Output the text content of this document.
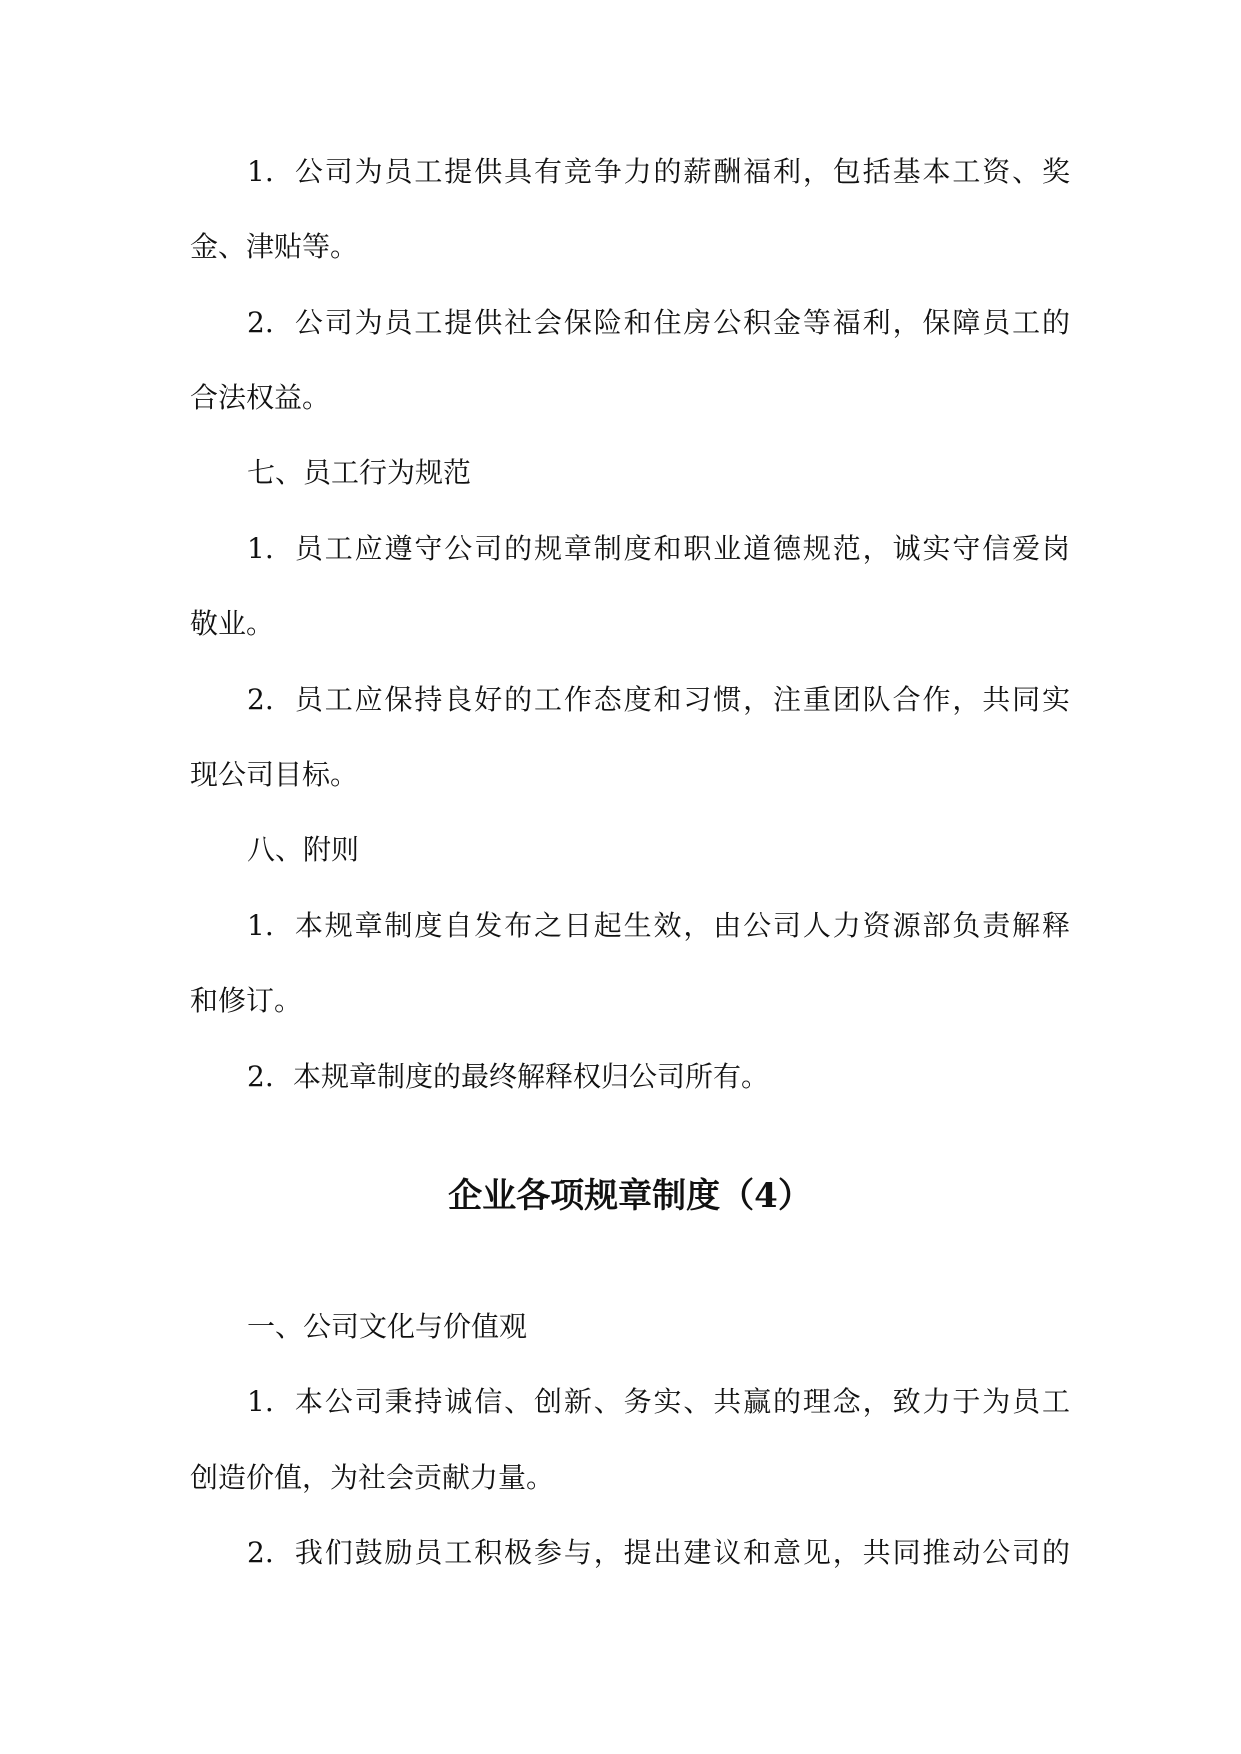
1. 公司为员工提供具有竞争力的薪酬福利，包括基本工资、奖
金、津贴等。
2. 公司为员工提供社会保险和住房公积金等福利，保障员工的
合法权益。
七、员工行为规范
1. 员工应遵守公司的规章制度和职业道德规范，诚实守信爱岗
敬业。
2. 员工应保持良好的工作态度和习惯，注重团队合作，共同实
现公司目标。
八、附则
1. 本规章制度自发布之日起生效，由公司人力资源部负责解释
和修订。
2. 本规章制度的最终解释权归公司所有。
企业各项规章制度（4）
一、公司文化与价值观
1. 本公司秉持诚信、创新、务实、共赢的理念，致力于为员工
创造价值，为社会贡献力量。
2. 我们鼓励员工积极参与，提出建议和意见，共同推动公司的
